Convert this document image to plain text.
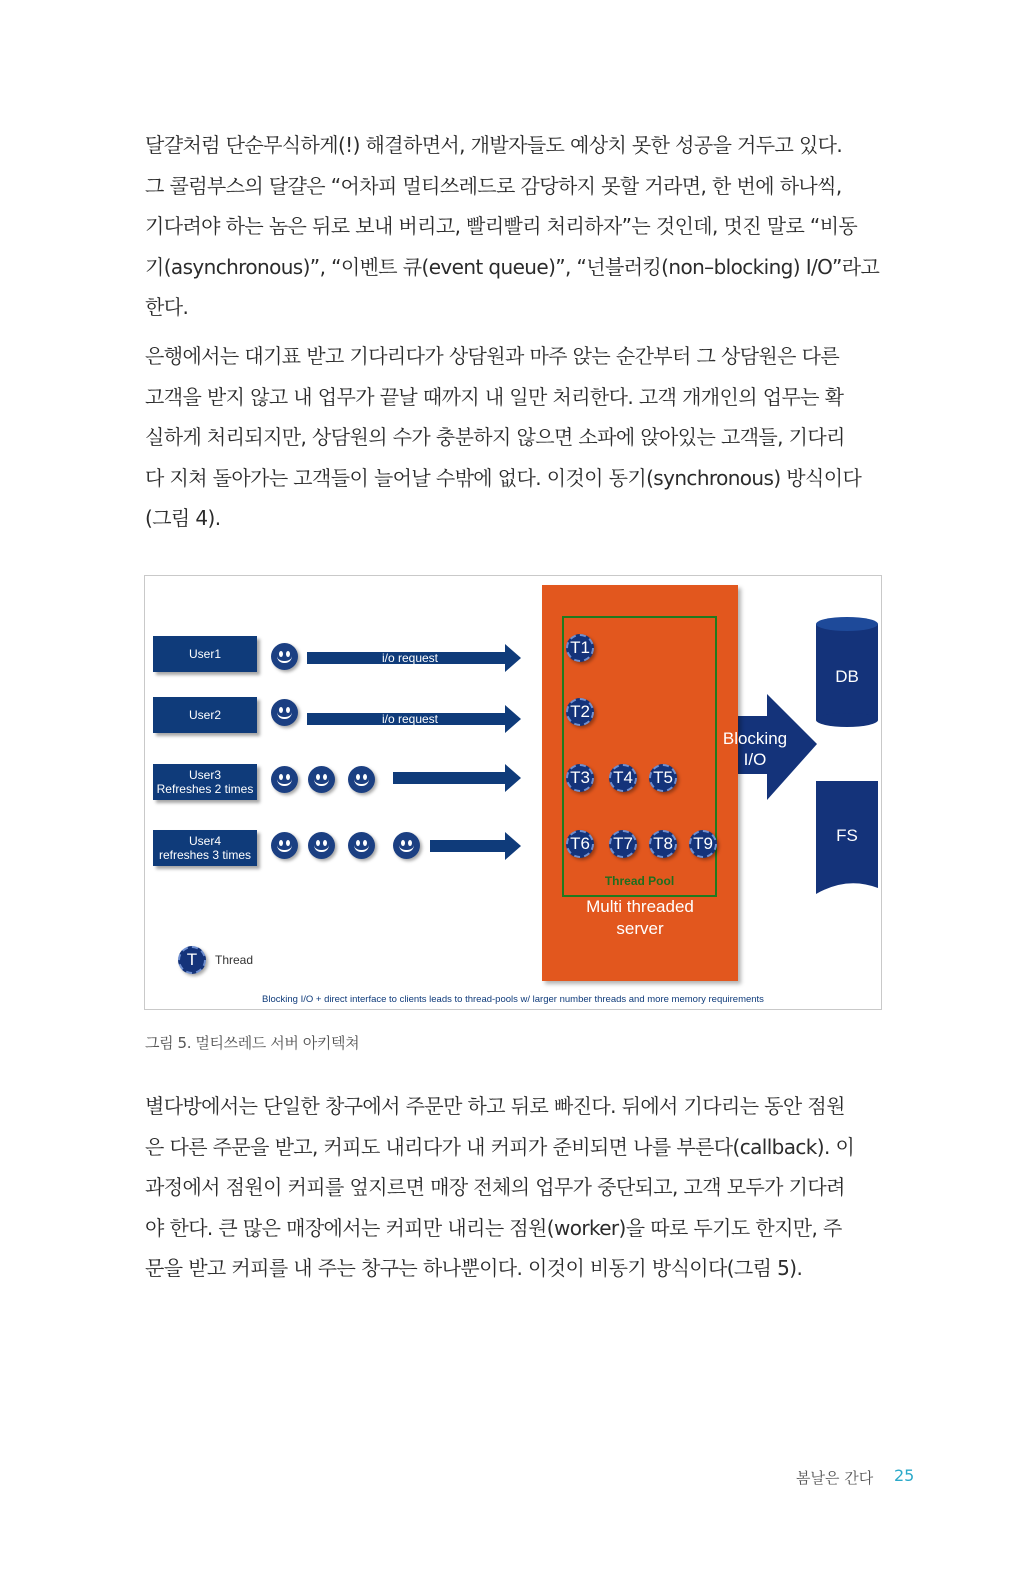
달걀처럼 단순무식하게(!) 해결하면서, 개발자들도 예상치 못한 성공을 거두고 있다.
그 콜럼부스의 달걀은 “어차피 멀티쓰레드로 감당하지 못할 거라면, 한 번에 하나씩,
기다려야 하는 놈은 뒤로 보내 버리고, 빨리빨리 처리하자”는 것인데, 멋진 말로 “비동
기(asynchronous)”, “이벤트 큐(event queue)”, “넌블러킹(non–blocking) I/O”라고
한다.
은행에서는 대기표 받고 기다리다가 상담원과 마주 앉는 순간부터 그 상담원은 다른
고객을 받지 않고 내 업무가 끝날 때까지 내 일만 처리한다. 고객 개개인의 업무는 확
실하게 처리되지만, 상담원의 수가 충분하지 않으면 소파에 앉아있는 고객들, 기다리
다 지쳐 돌아가는 고객들이 늘어날 수밖에 없다. 이것이 동기(synchronous) 방식이다
(그림 4).
User1
User2
User3
Refreshes 2 times
User4
refreshes 3 times
i/o request
i/o request
T1
T2
T3 T4 T5
T6 T7 T8 T9
Thread Pool
Multi threaded
server
Blocking
I/O
DB
FS
T	Thread
Blocking I/O + direct interface to clients leads to thread-pools w/ larger number threads and more memory requirements
그림 5. 멀티쓰레드 서버 아키텍쳐
별다방에서는 단일한 창구에서 주문만 하고 뒤로 빠진다. 뒤에서 기다리는 동안 점원
은 다른 주문을 받고, 커피도 내리다가 내 커피가 준비되면 나를 부른다(callback). 이
과정에서 점원이 커피를 엎지르면 매장 전체의 업무가 중단되고, 고객 모두가 기다려
야 한다. 큰 많은 매장에서는 커피만 내리는 점원(worker)을 따로 두기도 한지만, 주
문을 받고 커피를 내 주는 창구는 하나뿐이다. 이것이 비동기 방식이다(그림 5).
봄날은 간다 25
